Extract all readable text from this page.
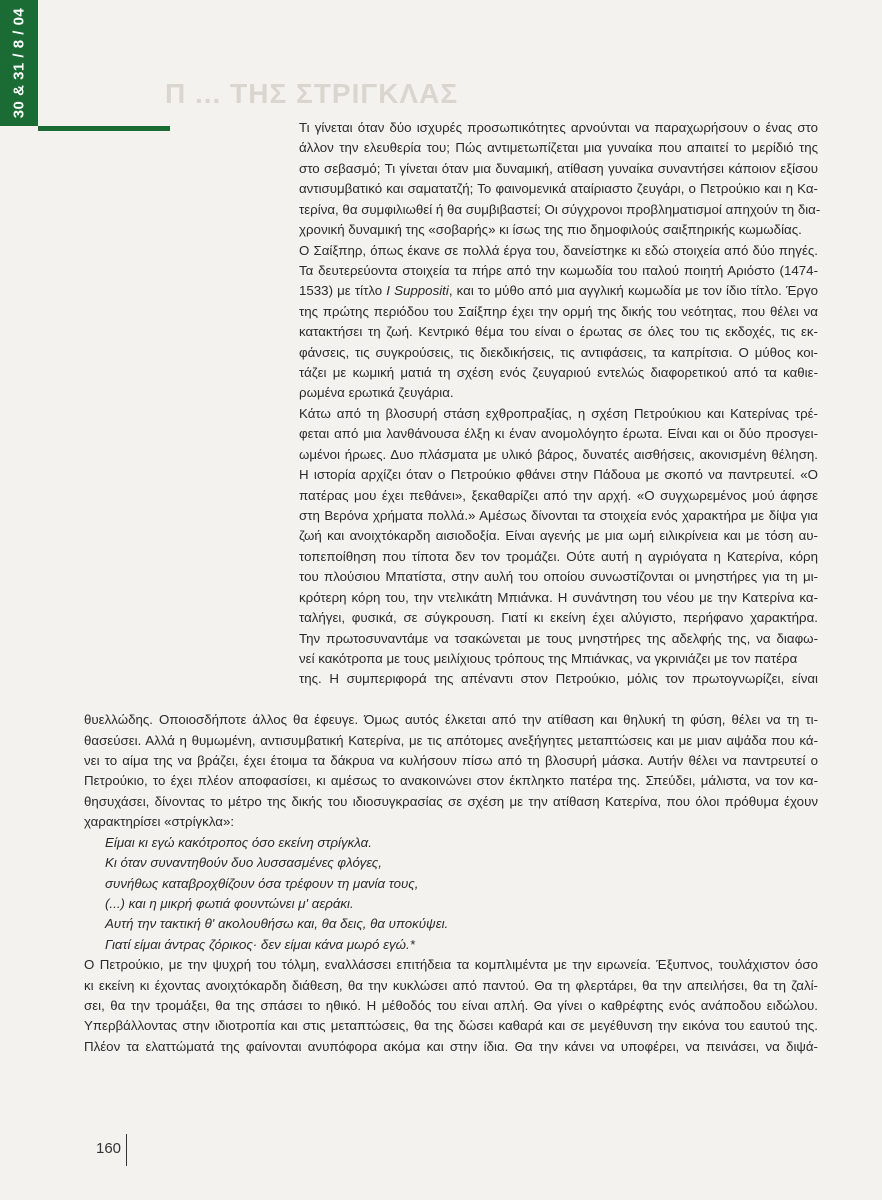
30 & 31 / 8 / 04	Π ... ΤΗΣ ΣΤΡΙΓΚΛΑΣ
Τι γίνεται όταν δύο ισχυρές προσωπικότητες αρνούνται να παραχωρήσουν ο ένας στο
άλλον την ελευθερία του; Πώς αντιμετωπίζεται μια γυναίκα που απαιτεί το μερίδιό της
στο σεβασμό; Τι γίνεται όταν μια δυναμική, ατίθαση γυναίκα συναντήσει κάποιον εξίσου
αντισυμβατικό και σαματατζή; Το φαινομενικά αταίριαστο ζευγάρι, ο Πετρούκιο και η Κα-
τερίνα, θα συμφιλιωθεί ή θα συμβιβαστεί; Οι σύγχρονοι προβληματισμοί απηχούν τη δια-
χρονική δυναμική της «σοβαρής» κι ίσως της πιο δημοφιλούς σαιξπηρικής κωμωδίας.
Ο Σαίξπηρ, όπως έκανε σε πολλά έργα του, δανείστηκε κι εδώ στοιχεία από δύο πηγές.
Τα δευτερεύοντα στοιχεία τα πήρε από την κωμωδία του ιταλού ποιητή Αριόστο (1474-
1533) με τίτλο I Suppositi, και το μύθο από μια αγγλική κωμωδία με τον ίδιο τίτλο. Έργο
της πρώτης περιόδου του Σαίξπηρ έχει την ορμή της δικής του νεότητας, που θέλει να
κατακτήσει τη ζωή. Κεντρικό θέμα του είναι ο έρωτας σε όλες του τις εκδοχές, τις εκ-
φάνσεις, τις συγκρούσεις, τις διεκδικήσεις, τις αντιφάσεις, τα καπρίτσια. Ο μύθος κοι-
τάζει με κωμική ματιά τη σχέση ενός ζευγαριού εντελώς διαφορετικού από τα καθιε-
ρωμένα ερωτικά ζευγάρια.
Κάτω από τη βλοσυρή στάση εχθροπραξίας, η σχέση Πετρούκιου και Κατερίνας τρέ-
φεται από μια λανθάνουσα έλξη κι έναν ανομολόγητο έρωτα. Είναι και οι δύο προσγει-
ωμένοι ήρωες. Δυο πλάσματα με υλικό βάρος, δυνατές αισθήσεις, ακονισμένη θέληση.
Η ιστορία αρχίζει όταν ο Πετρούκιο φθάνει στην Πάδουα με σκοπό να παντρευτεί. «Ο
πατέρας μου έχει πεθάνει», ξεκαθαρίζει από την αρχή. «Ο συγχωρεμένος μού άφησε
στη Βερόνα χρήματα πολλά.» Αμέσως δίνονται τα στοιχεία ενός χαρακτήρα με δίψα για
ζωή και ανοιχτόκαρδη αισιοδοξία. Είναι αγενής με μια ωμή ειλικρίνεια και με τόση αυ-
τοπεποίθηση που τίποτα δεν τον τρομάζει. Ούτε αυτή η αγριόγατα η Κατερίνα, κόρη
του πλούσιου Μπατίστα, στην αυλή του οποίου συνωστίζονται οι μνηστήρες για τη μι-
κρότερη κόρη του, την ντελικάτη Μπιάνκα. Η συνάντηση του νέου με την Κατερίνα κα-
ταλήγει, φυσικά, σε σύγκρουση. Γιατί κι εκείνη έχει αλύγιστο, περήφανο χαρακτήρα.
Την πρωτοσυναντάμε να τσακώνεται με τους μνηστήρες της αδελφής της, να διαφω-
νεί κακότροπα με τους μειλίχιους τρόπους της Μπιάνκας, να γκρινιάζει με τον πατέρα
της. Η συμπεριφορά της απέναντι στον Πετρούκιο, μόλις τον πρωτογνωρίζει, είναι
θυελλώδης. Οποιοσδήποτε άλλος θα έφευγε. Όμως αυτός έλκεται από την ατίθαση και θηλυκή τη φύση, θέλει να τη τι-
θασεύσει. Αλλά η θυμωμένη, αντισυμβατική Κατερίνα, με τις απότομες ανεξήγητες μεταπτώσεις και με μιαν αψάδα που κά-
νει το αίμα της να βράζει, έχει έτοιμα τα δάκρυα να κυλήσουν πίσω από τη βλοσυρή μάσκα. Αυτήν θέλει να παντρευτεί ο
Πετρούκιο, το έχει πλέον αποφασίσει, κι αμέσως το ανακοινώνει στον έκπληκτο πατέρα της. Σπεύδει, μάλιστα, να τον κα-
θησυχάσει, δίνοντας το μέτρο της δικής του ιδιοσυγκρασίας σε σχέση με την ατίθαση Κατερίνα, που όλοι πρόθυμα έχουν
χαρακτηρίσει «στρίγκλα»:
Είμαι κι εγώ κακότροπος όσο εκείνη στρίγκλα.
Κι όταν συναντηθούν δυο λυσσασμένες φλόγες,
συνήθως καταβροχθίζουν όσα τρέφουν τη μανία τους,
(...) και η μικρή φωτιά φουντώνει μ' αεράκι.
Αυτή την τακτική θ' ακολουθήσω και, θα δεις, θα υποκύψει.
Γιατί είμαι άντρας ζόρικος· δεν είμαι κάνα μωρό εγώ.*
Ο Πετρούκιο, με την ψυχρή του τόλμη, εναλλάσσει επιτήδεια τα κομπλιμέντα με την ειρωνεία. Έξυπνος, τουλάχιστον όσο
κι εκείνη κι έχοντας ανοιχτόκαρδη διάθεση, θα την κυκλώσει από παντού. Θα τη φλερτάρει, θα την απειλήσει, θα τη ζαλί-
σει, θα την τρομάξει, θα της σπάσει το ηθικό. Η μέθοδός του είναι απλή. Θα γίνει ο καθρέφτης ενός ανάποδου ειδώλου.
Υπερβάλλοντας στην ιδιοτροπία και στις μεταπτώσεις, θα της δώσει καθαρά και σε μεγέθυνση την εικόνα του εαυτού της.
Πλέον τα ελαττώματά της φαίνονται ανυπόφορα ακόμα και στην ίδια. Θα την κάνει να υποφέρει, να πεινάσει, να διψά-
160
